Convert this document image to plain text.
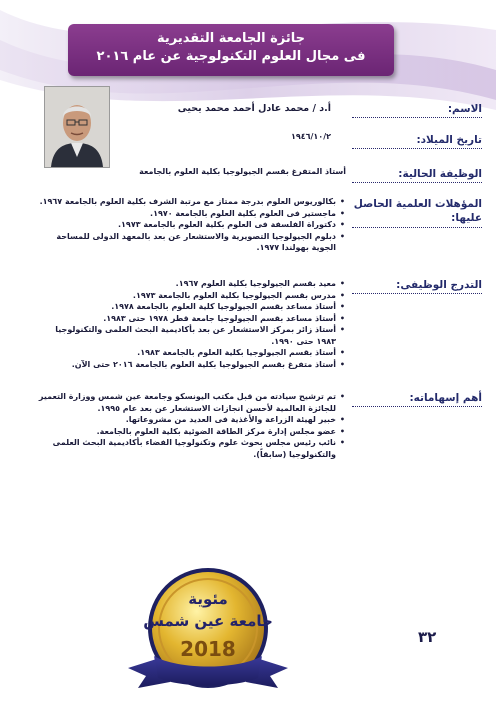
جائزة الجامعة التقديرية
فى مجال العلوم التكنولوجية عن عام ٢٠١٦
الاسم:
تاريخ الميلاد:
الوظيفة الحالية:
المؤهلات العلمية الحاصل عليها:
التدرج الوظيفى:
أهم إسهاماته:
أ.د / محمد عادل أحمد محمد يحيى
١٩٤٦/١٠/٢
أستاذ المتفرغ بقسم الجيولوجيا بكلية العلوم بالجامعة
• بكالوريوس العلوم بدرجة ممتاز مع مرتبة الشرف بكلية العلوم بالجامعة ١٩٦٧.
• ماجستير فى العلوم بكلية العلوم بالجامعة ١٩٧٠.
• دكتوراة الفلسفة فى العلوم بكلية العلوم بالجامعة ١٩٧٣.
• دبلوم الجيولوجيا التصويرية والاستشعار عن بعد بالمعهد الدولى للمساحة الجوية بهولندا ١٩٧٧.
• معيد بقسم الجيولوجيا بكلية العلوم ١٩٦٧.
• مدرس بقسم الجيولوجيا بكلية العلوم بالجامعة ١٩٧٣.
• أستاذ مساعد بقسم الجيولوجيا كلية العلوم بالجامعة ١٩٧٨.
• أستاذ مساعد بقسم الجيولوجيا جامعة قطر ١٩٧٨ حتى ١٩٨٣.
• أستاذ زائر بمركز الاستشعار عن بعد بأكاديمية البحث العلمى والتكنولوجيا ١٩٨٣ حتى ١٩٩٠.
• أستاذ بقسم الجيولوجيا بكلية العلوم بالجامعة ١٩٨٣.
• أستاذ متفرغ بقسم الجيولوجيا بكلية العلوم بالجامعة ٢٠١٦ حتى الآن.
• تم ترشيح سيادته من قبل مكتب اليونسكو وجامعة عين شمس ووزارة التعمير للجائزة العالمية لأحسن انجازات الاستشعار عن بعد عام ١٩٩٥.
• خبير لهيئة الزراعة والأغذية فى العديد من مشروعاتها.
• عضو مجلس إدارة مركز الطاقة الضوئية بكلية العلوم بالجامعة.
• نائب رئيس مجلس بحوث علوم وتكنولوجيا الفضاء بأكاديمية البحث العلمى والتكنولوجيا (سابقاً).
مئوية
جامعة عين شمس
2018	٣٢
